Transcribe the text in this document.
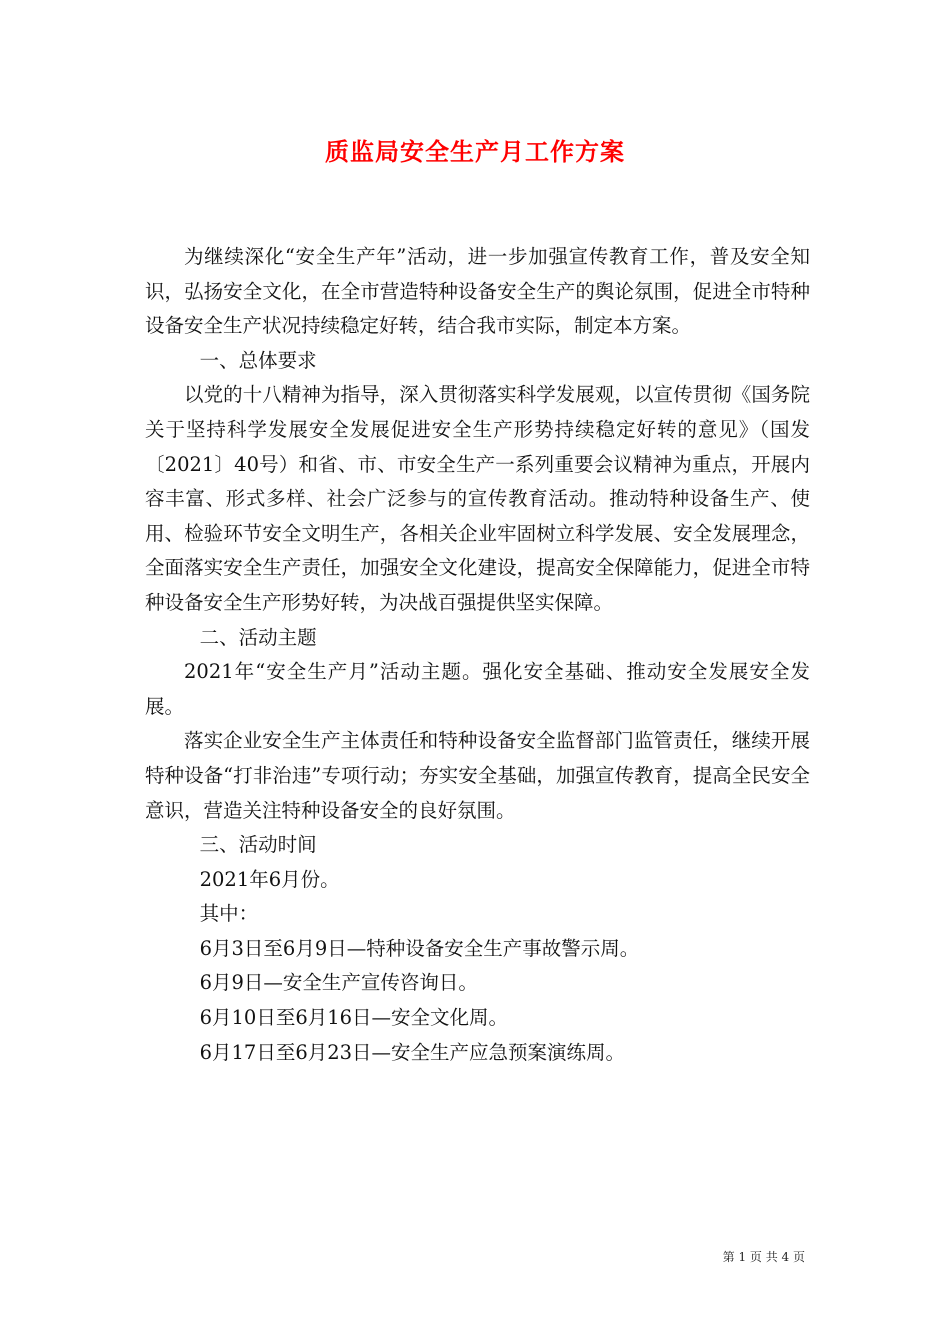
质监局安全生产月工作方案

为继续深化“安全生产年”活动，进一步加强宣传教育工作，普及安全知识，弘扬安全文化，在全市营造特种设备安全生产的舆论氛围，促进全市特种设备安全生产状况持续稳定好转，结合我市实际，制定本方案。

一、总体要求

以党的十八精神为指导，深入贯彻落实科学发展观，以宣传贯彻《国务院关于坚持科学发展安全发展促进安全生产形势持续稳定好转的意见》（国发〔2021〕40号）和省、市、市安全生产一系列重要会议精神为重点，开展内容丰富、形式多样、社会广泛参与的宣传教育活动。推动特种设备生产、使用、检验环节安全文明生产，各相关企业牢固树立科学发展、安全发展理念，全面落实安全生产责任，加强安全文化建设，提高安全保障能力，促进全市特种设备安全生产形势好转，为决战百强提供坚实保障。

二、活动主题

2021年“安全生产月”活动主题。强化安全基础、推动安全发展安全发展。

落实企业安全生产主体责任和特种设备安全监督部门监管责任，继续开展特种设备“打非治违”专项行动；夯实安全基础，加强宣传教育，提高全民安全意识，营造关注特种设备安全的良好氛围。

三、活动时间

2021年6月份。

其中：

6月3日至6月9日—特种设备安全生产事故警示周。

6月9日—安全生产宣传咨询日。

6月10日至6月16日—安全文化周。

6月17日至6月23日—安全生产应急预案演练周。

第 1 页 共 4 页
